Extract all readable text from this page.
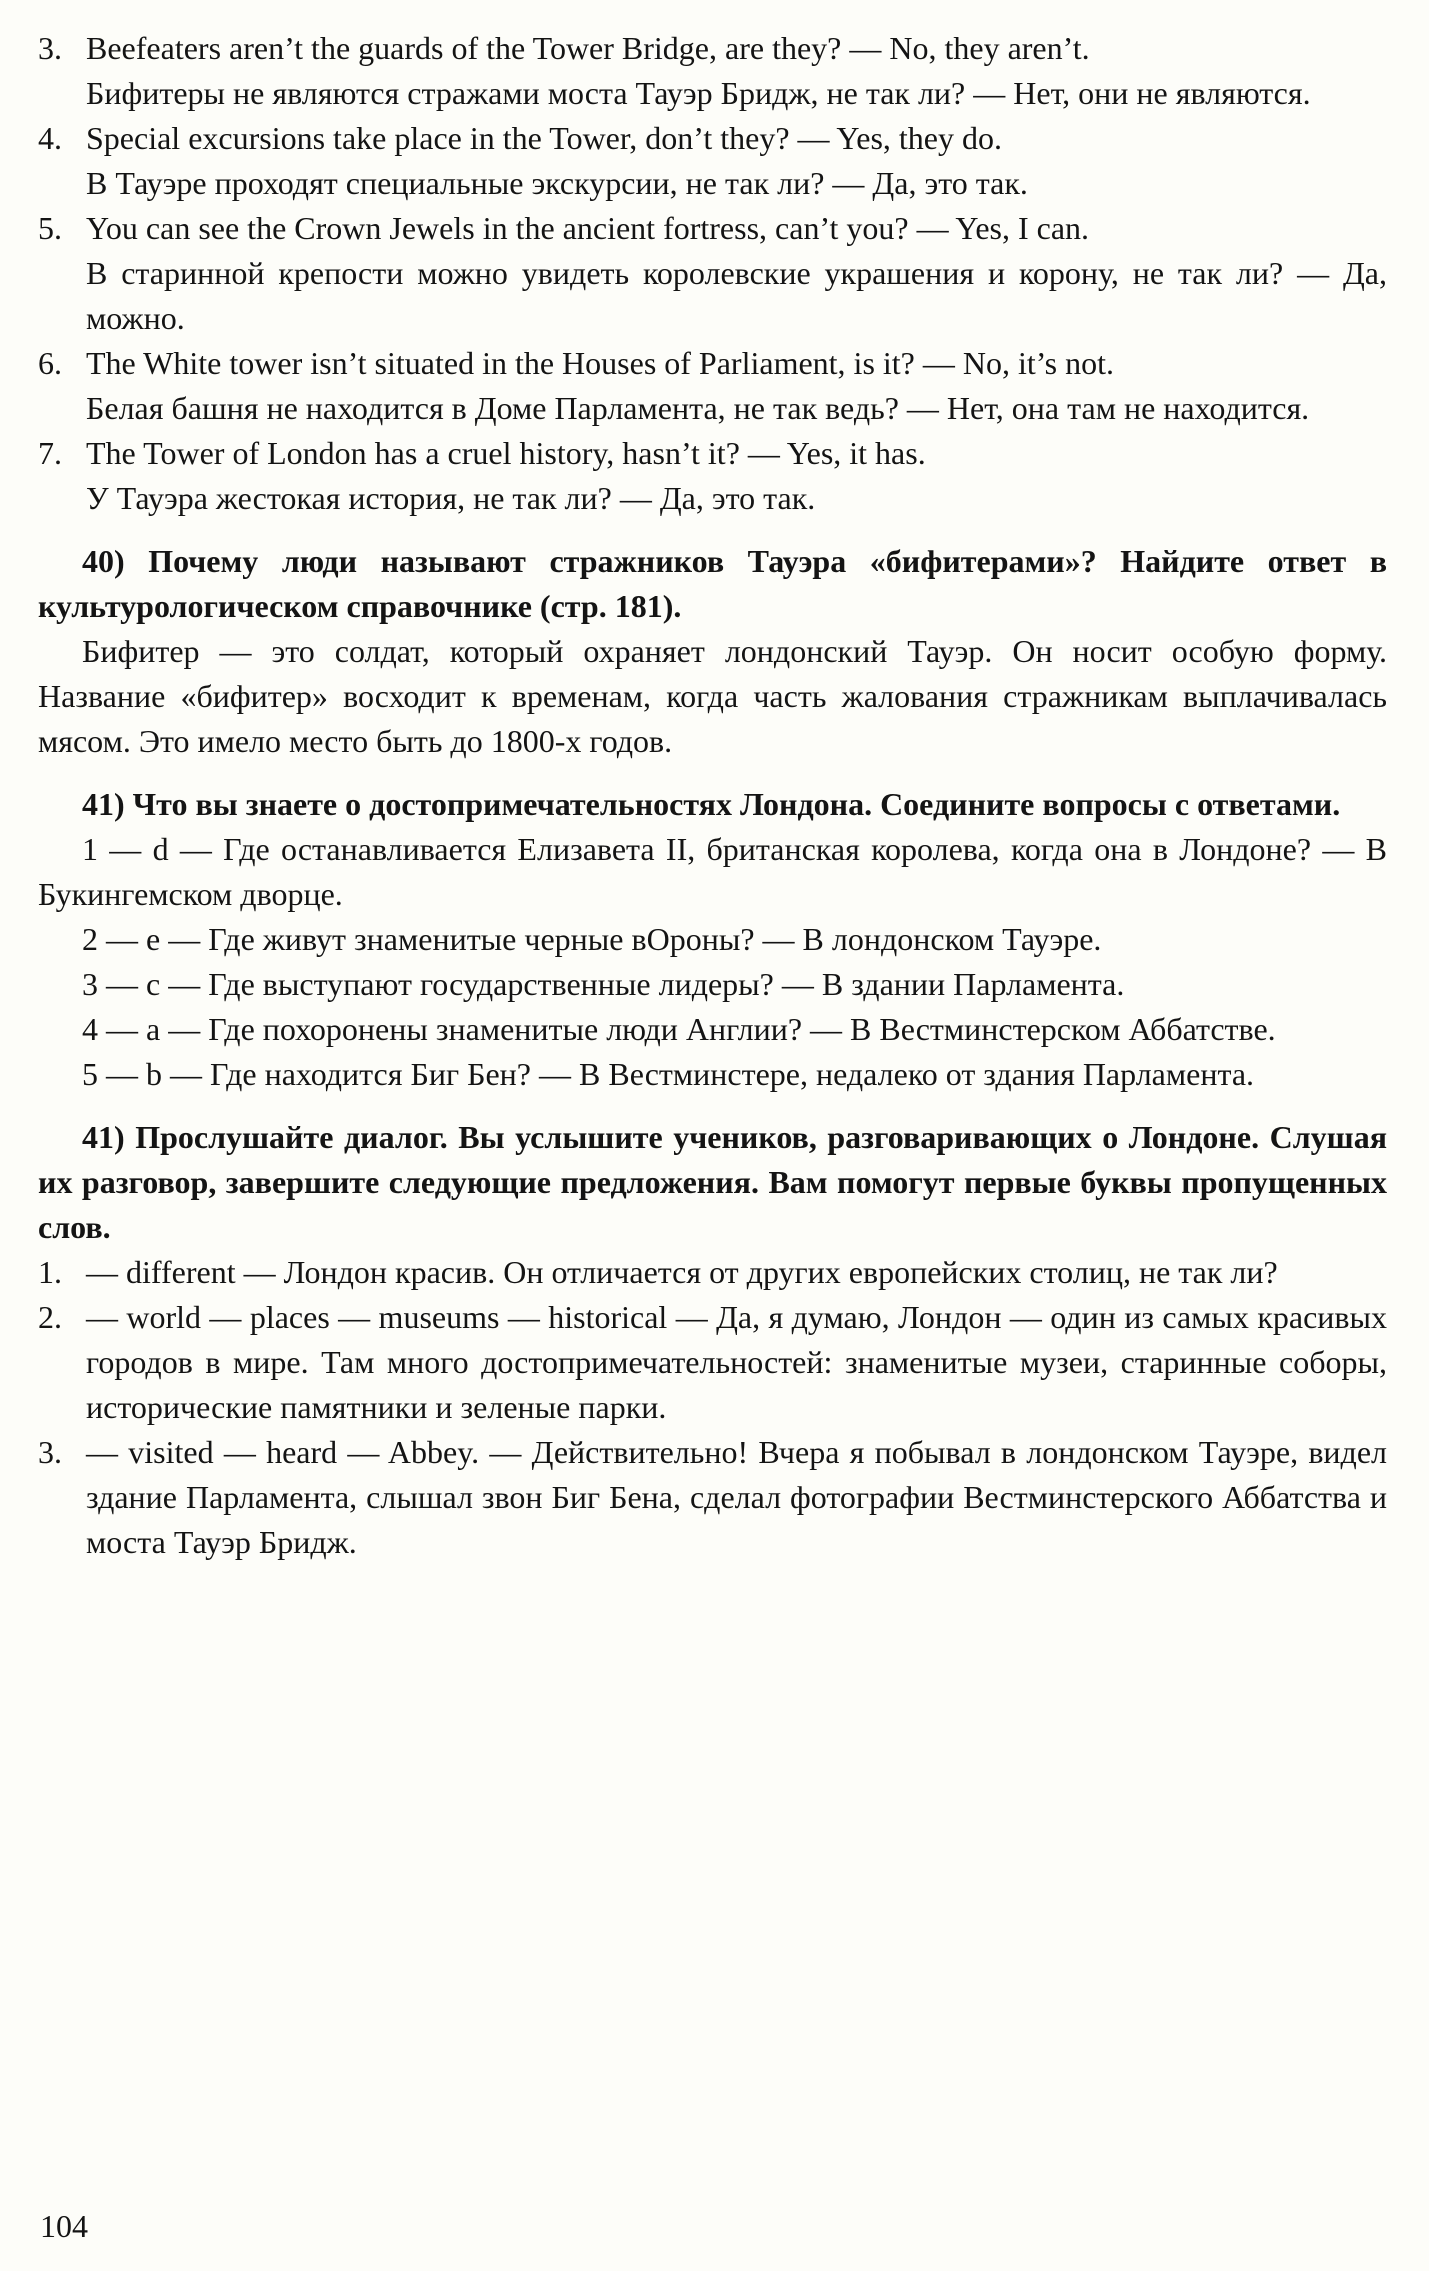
3. Beefeaters aren’t the guards of the Tower Bridge, are they? — No, they aren’t.
Бифитеры не являются стражами моста Тауэр Бридж, не так ли? — Нет, они не являются.
4. Special excursions take place in the Tower, don’t they? — Yes, they do.
В Тауэре проходят специальные экскурсии, не так ли? — Да, это так.
5. You can see the Crown Jewels in the ancient fortress, can’t you? — Yes, I can.
В старинной крепости можно увидеть королевские украшения и корону, не так ли? — Да, можно.
6. The White tower isn’t situated in the Houses of Parliament, is it? — No, it’s not.
Белая башня не находится в Доме Парламента, не так ведь? — Нет, она там не находится.
7. The Tower of London has a cruel history, hasn’t it? — Yes, it has.
У Тауэра жестокая история, не так ли? — Да, это так.
40) Почему люди называют стражников Тауэра «бифитерами»? Найдите ответ в культурологическом справочнике (стр. 181).
Бифитер — это солдат, который охраняет лондонский Тауэр. Он носит особую форму. Название «бифитер» восходит к временам, когда часть жалования стражникам выплачивалась мясом. Это имело место быть до 1800-х годов.
41) Что вы знаете о достопримечательностях Лондона. Соедините вопросы с ответами.
1 — d — Где останавливается Елизавета II, британская королева, когда она в Лондоне? — В Букингемском дворце.
2 — e — Где живут знаменитые черные вОроны? — В лондонском Тауэре.
3 — c — Где выступают государственные лидеры? — В здании Парламента.
4 — a — Где похоронены знаменитые люди Англии? — В Вестминстерском Аббатстве.
5 — b — Где находится Биг Бен? — В Вестминстере, недалеко от здания Парламента.
41) Прослушайте диалог. Вы услышите учеников, разговаривающих о Лондоне. Слушая их разговор, завершите следующие предложения. Вам помогут первые буквы пропущенных слов.
1. — different — Лондон красив. Он отличается от других европейских столиц, не так ли?
2. — world — places — museums — historical — Да, я думаю, Лондон — один из самых красивых городов в мире. Там много достопримечательностей: знаменитые музеи, старинные соборы, исторические памятники и зеленые парки.
3. — visited — heard — Abbey. — Действительно! Вчера я побывал в лондонском Тауэре, видел здание Парламента, слышал звон Биг Бена, сделал фотографии Вестминстерского Аббатства и моста Тауэр Бридж.
104
